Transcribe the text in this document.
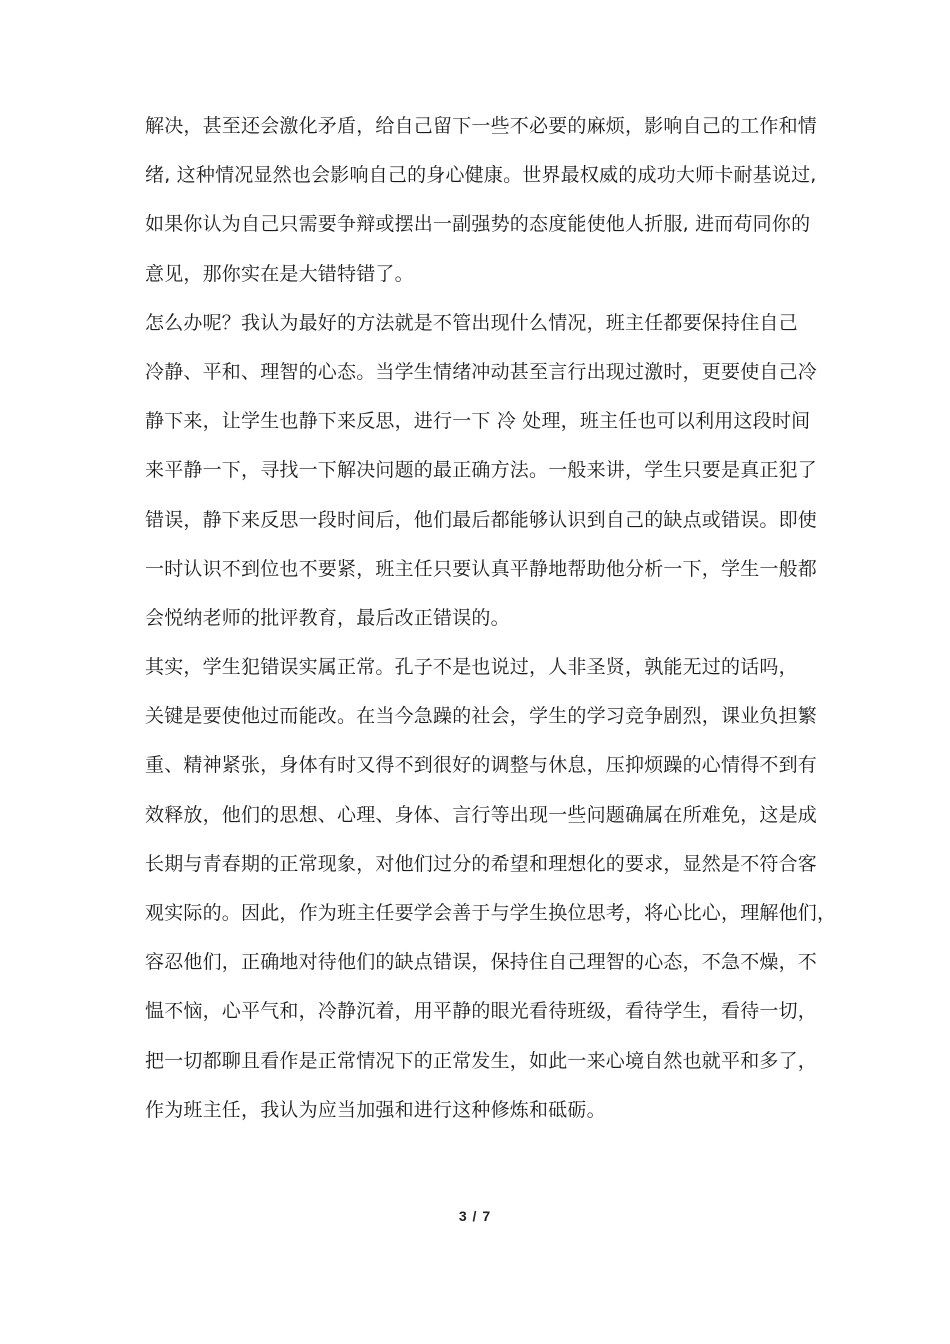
解决，甚至还会激化矛盾，给自己留下一些不必要的麻烦，影响自己的工作和情
绪, 这种情况显然也会影响自己的身心健康。世界最权威的成功大师卡耐基说过,
如果你认为自己只需要争辩或摆出一副强势的态度能使他人折服, 进而苟同你的
意见，那你实在是大错特错了。
怎么办呢？我认为最好的方法就是不管出现什么情况，班主任都要保持住自己
冷静、平和、理智的心态。当学生情绪冲动甚至言行出现过激时，更要使自己冷
静下来，让学生也静下来反思，进行一下 冷 处理，班主任也可以利用这段时间
来平静一下，寻找一下解决问题的最正确方法。一般来讲，学生只要是真正犯了
错误，静下来反思一段时间后，他们最后都能够认识到自己的缺点或错误。即使
一时认识不到位也不要紧，班主任只要认真平静地帮助他分析一下，学生一般都
会悦纳老师的批评教育，最后改正错误的。
其实，学生犯错误实属正常。孔子不是也说过，人非圣贤，孰能无过的话吗，
关键是要使他过而能改。在当今急躁的社会，学生的学习竞争剧烈，课业负担繁
重、精神紧张，身体有时又得不到很好的调整与休息，压抑烦躁的心情得不到有
效释放，他们的思想、心理、身体、言行等出现一些问题确属在所难免，这是成
长期与青春期的正常现象，对他们过分的希望和理想化的要求，显然是不符合客
观实际的。因此，作为班主任要学会善于与学生换位思考，将心比心，理解他们，
容忍他们，正确地对待他们的缺点错误，保持住自己理智的心态，不急不燥，不
愠不恼，心平气和，冷静沉着，用平静的眼光看待班级，看待学生，看待一切，
把一切都聊且看作是正常情况下的正常发生，如此一来心境自然也就平和多了，
作为班主任，我认为应当加强和进行这种修炼和砥砺。
3 / 7
